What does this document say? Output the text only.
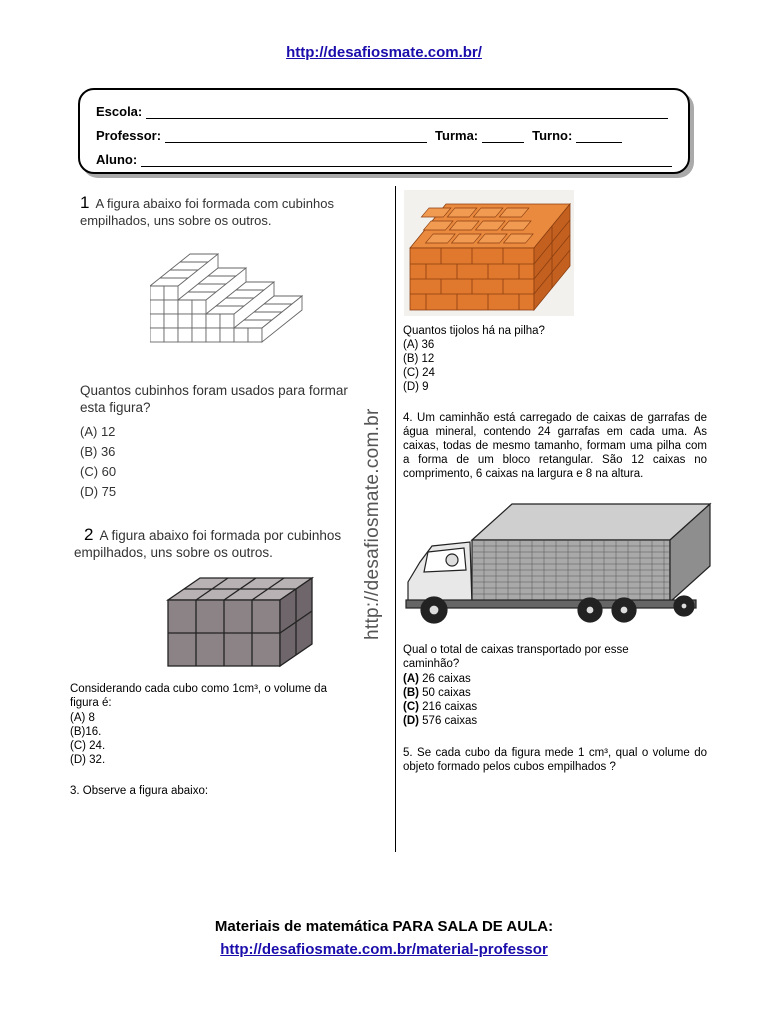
http://desafiosmate.com.br/
Escola:
Professor:	Turma:	Turno:
Aluno:
http://desafiosmate.com.br
1 A figura abaixo foi formada com cubinhos
empilhados, uns sobre os outros.
Quantos cubinhos foram usados para formar
esta figura?
(A) 12
(B) 36
(C) 60
(D) 75
2 A figura abaixo foi formada por cubinhos
empilhados, uns sobre os outros.
Considerando cada cubo como 1cm³, o volume da
figura é:
(A) 8
(B)16.
(C) 24.
(D) 32.
3. Observe a figura abaixo:
Quantos tijolos há na pilha?
(A) 36
(B) 12
(C) 24
(D) 9
4. Um caminhão está carregado de caixas de garrafas de água mineral, contendo 24 garrafas em cada uma. As caixas, todas de mesmo tamanho, formam uma pilha com a forma de um bloco retangular. São 12 caixas no comprimento, 6 caixas na largura e 8 na altura.
Qual o total de caixas transportado por esse
caminhão?
(A) 26 caixas
(B) 50 caixas
(C) 216 caixas
(D) 576 caixas
5. Se cada cubo da figura mede 1 cm³, qual o volume do objeto formado pelos cubos empilhados ?
Materiais de matemática PARA SALA DE AULA:
http://desafiosmate.com.br/material-professor
